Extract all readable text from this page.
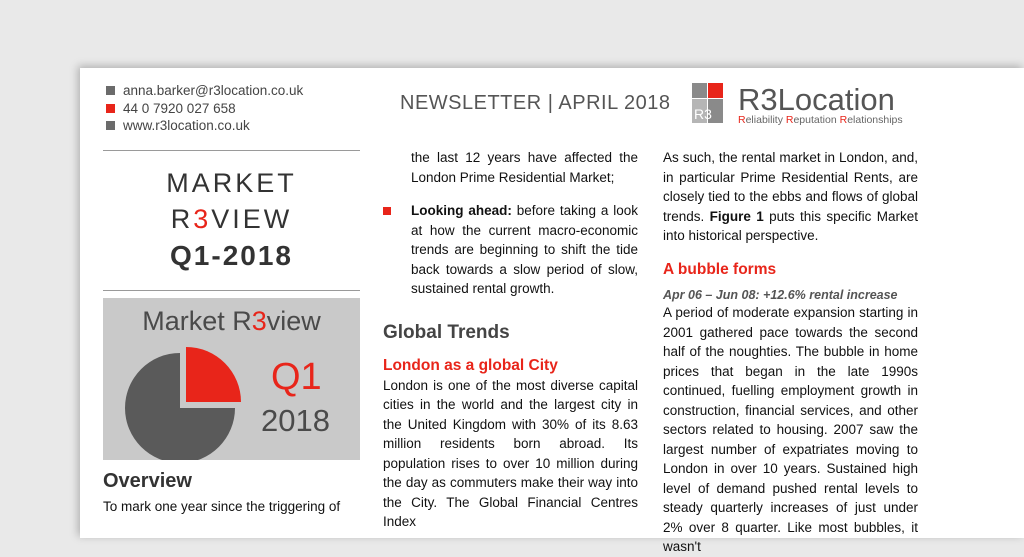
anna.barker@r3location.co.uk
44 0 7920 027 658
www.r3location.co.uk
MARKET
R3VIEW
Q1-2018
Market R3view
Q1
2018
Overview
To mark one year since the triggering of
NEWSLETTER | APRIL 2018 R3 R3Location
Reliability Reputation Relationships
the last 12 years have affected the London Prime Residential Market;
Looking ahead: before taking a look at how the current macro-economic trends are beginning to shift the tide back towards a slow period of slow, sustained rental growth.
Global Trends
London as a global City
London is one of the most diverse capital cities in the world and the largest city in the United Kingdom with 30% of its 8.63 million residents born abroad. Its population rises to over 10 million during the day as commuters make their way into the City. The Global Financial Centres Index

As such, the rental market in London, and, in particular Prime Residential Rents, are closely tied to the ebbs and flows of global trends. Figure 1 puts this specific Market into historical perspective.

A bubble forms
Apr 06 – Jun 08: +12.6% rental increase
A period of moderate expansion starting in 2001 gathered pace towards the second half of the noughties. The bubble in home prices that began in the late 1990s continued, fuelling employment growth in construction, financial services, and other sectors related to housing. 2007 saw the largest number of expatriates moving to London in over 10 years. Sustained high level of demand pushed rental levels to steady quarterly increases of just under 2% over 8 quarter. Like most bubbles, it wasn't
